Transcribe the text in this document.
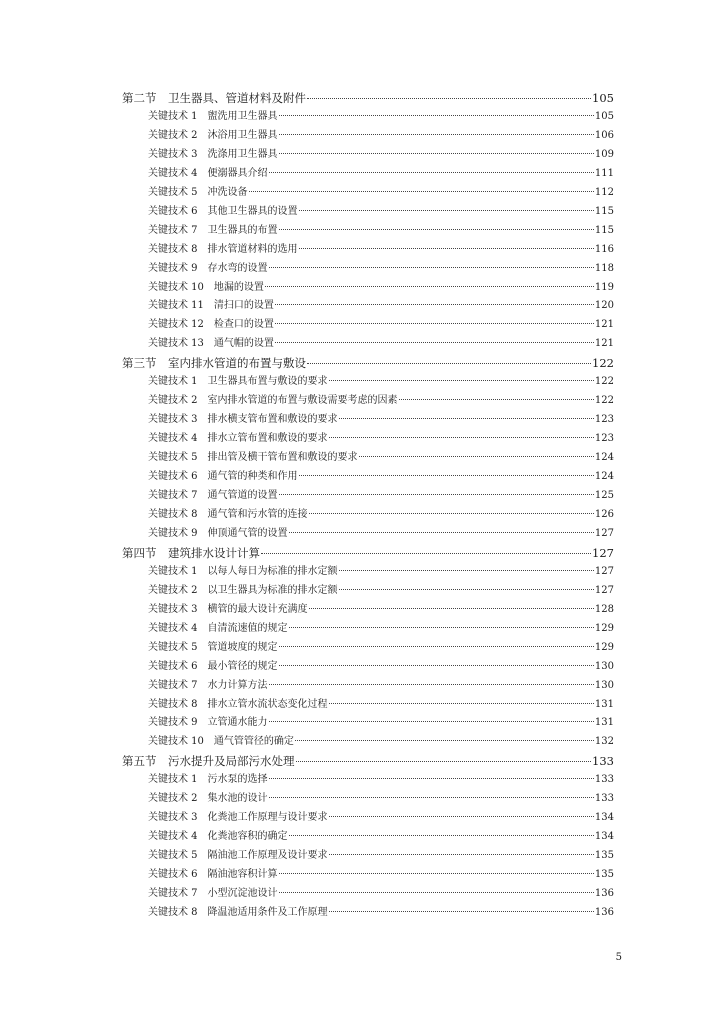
第二节　卫生器具、管道材料及附件	105
关键技术 1　盥洗用卫生器具	105
关键技术 2　沐浴用卫生器具	106
关键技术 3　洗涤用卫生器具	109
关键技术 4　便溺器具介绍	111
关键技术 5　冲洗设备	112
关键技术 6　其他卫生器具的设置	115
关键技术 7　卫生器具的布置	115
关键技术 8　排水管道材料的选用	116
关键技术 9　存水弯的设置	118
关键技术 10　地漏的设置	119
关键技术 11　清扫口的设置	120
关键技术 12　检查口的设置	121
关键技术 13　通气帽的设置	121
第三节　室内排水管道的布置与敷设	122
关键技术 1　卫生器具布置与敷设的要求	122
关键技术 2　室内排水管道的布置与敷设需要考虑的因素	122
关键技术 3　排水横支管布置和敷设的要求	123
关键技术 4　排水立管布置和敷设的要求	123
关键技术 5　排出管及横干管布置和敷设的要求	124
关键技术 6　通气管的种类和作用	124
关键技术 7　通气管道的设置	125
关键技术 8　通气管和污水管的连接	126
关键技术 9　伸顶通气管的设置	127
第四节　建筑排水设计计算	127
关键技术 1　以每人每日为标准的排水定额	127
关键技术 2　以卫生器具为标准的排水定额	127
关键技术 3　横管的最大设计充满度	128
关键技术 4　自清流速值的规定	129
关键技术 5　管道坡度的规定	129
关键技术 6　最小管径的规定	130
关键技术 7　水力计算方法	130
关键技术 8　排水立管水流状态变化过程	131
关键技术 9　立管通水能力	131
关键技术 10　通气管管径的确定	132
第五节　污水提升及局部污水处理	133
关键技术 1　污水泵的选择	133
关键技术 2　集水池的设计	133
关键技术 3　化粪池工作原理与设计要求	134
关键技术 4　化粪池容积的确定	134
关键技术 5　隔油池工作原理及设计要求	135
关键技术 6　隔油池容积计算	135
关键技术 7　小型沉淀池设计	136
关键技术 8　降温池适用条件及工作原理	136
5
